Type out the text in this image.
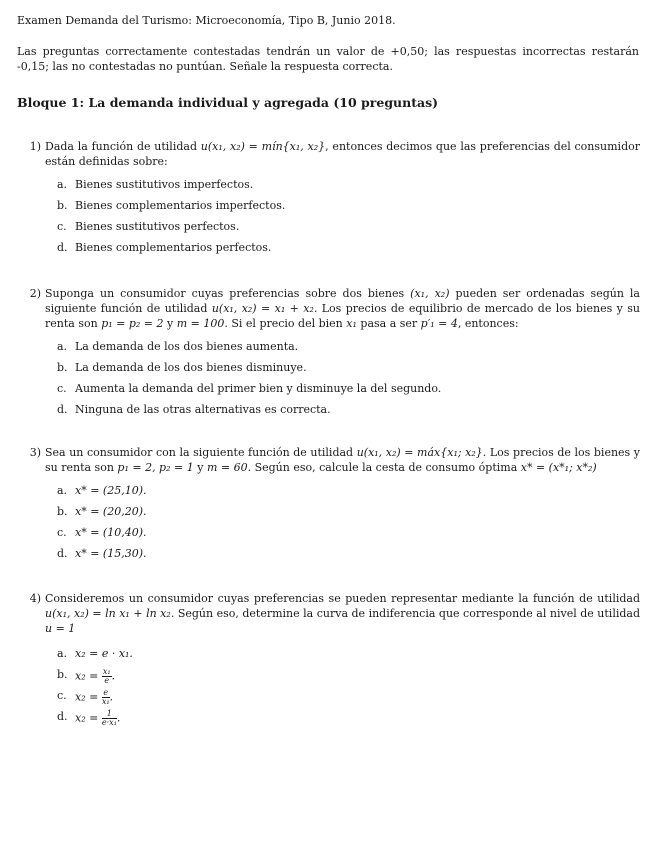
Examen Demanda del Turismo: Microeconomía, Tipo B, Junio 2018.
Las preguntas correctamente contestadas tendrán un valor de +0,50; las respuestas incorrectas restarán -0,15; las no contestadas no puntúan. Señale la respuesta correcta.
Bloque 1: La demanda individual y agregada (10 preguntas)
1) Dada la función de utilidad u(x₁, x₂) = mín{x₁, x₂}, entonces decimos que las preferencias del consumidor están definidas sobre:
a. Bienes sustitutivos imperfectos.
b. Bienes complementarios imperfectos.
c. Bienes sustitutivos perfectos.
d. Bienes complementarios perfectos.
2) Suponga un consumidor cuyas preferencias sobre dos bienes (x₁, x₂) pueden ser ordenadas según la siguiente función de utilidad u(x₁, x₂) = x₁ + x₂. Los precios de equilibrio de mercado de los bienes y su renta son p₁ = p₂ = 2 y m = 100. Si el precio del bien x₁ pasa a ser p′₁ = 4, entonces:
a. La demanda de los dos bienes aumenta.
b. La demanda de los dos bienes disminuye.
c. Aumenta la demanda del primer bien y disminuye la del segundo.
d. Ninguna de las otras alternativas es correcta.
3) Sea un consumidor con la siguiente función de utilidad u(x₁, x₂) = máx{x₁; x₂}. Los precios de los bienes y su renta son p₁ = 2, p₂ = 1 y m = 60. Según eso, calcule la cesta de consumo óptima x* = (x*₁; x*₂)
a. x* = (25,10).
b. x* = (20,20).
c. x* = (10,40).
d. x* = (15,30).
4) Consideremos un consumidor cuyas preferencias se pueden representar mediante la función de utilidad u(x₁, x₂) = ln x₁ + ln x₂. Según eso, determine la curva de indiferencia que corresponde al nivel de utilidad u = 1
a. x₂ = e · x₁.
b. $x_2 = \frac{\text{x₁}}{e}$ .
c. $x_2 = \frac{e}{\text{x₁}}$ .
d. $x_2 = \frac{1}{\text{e·x₁}}$ .
